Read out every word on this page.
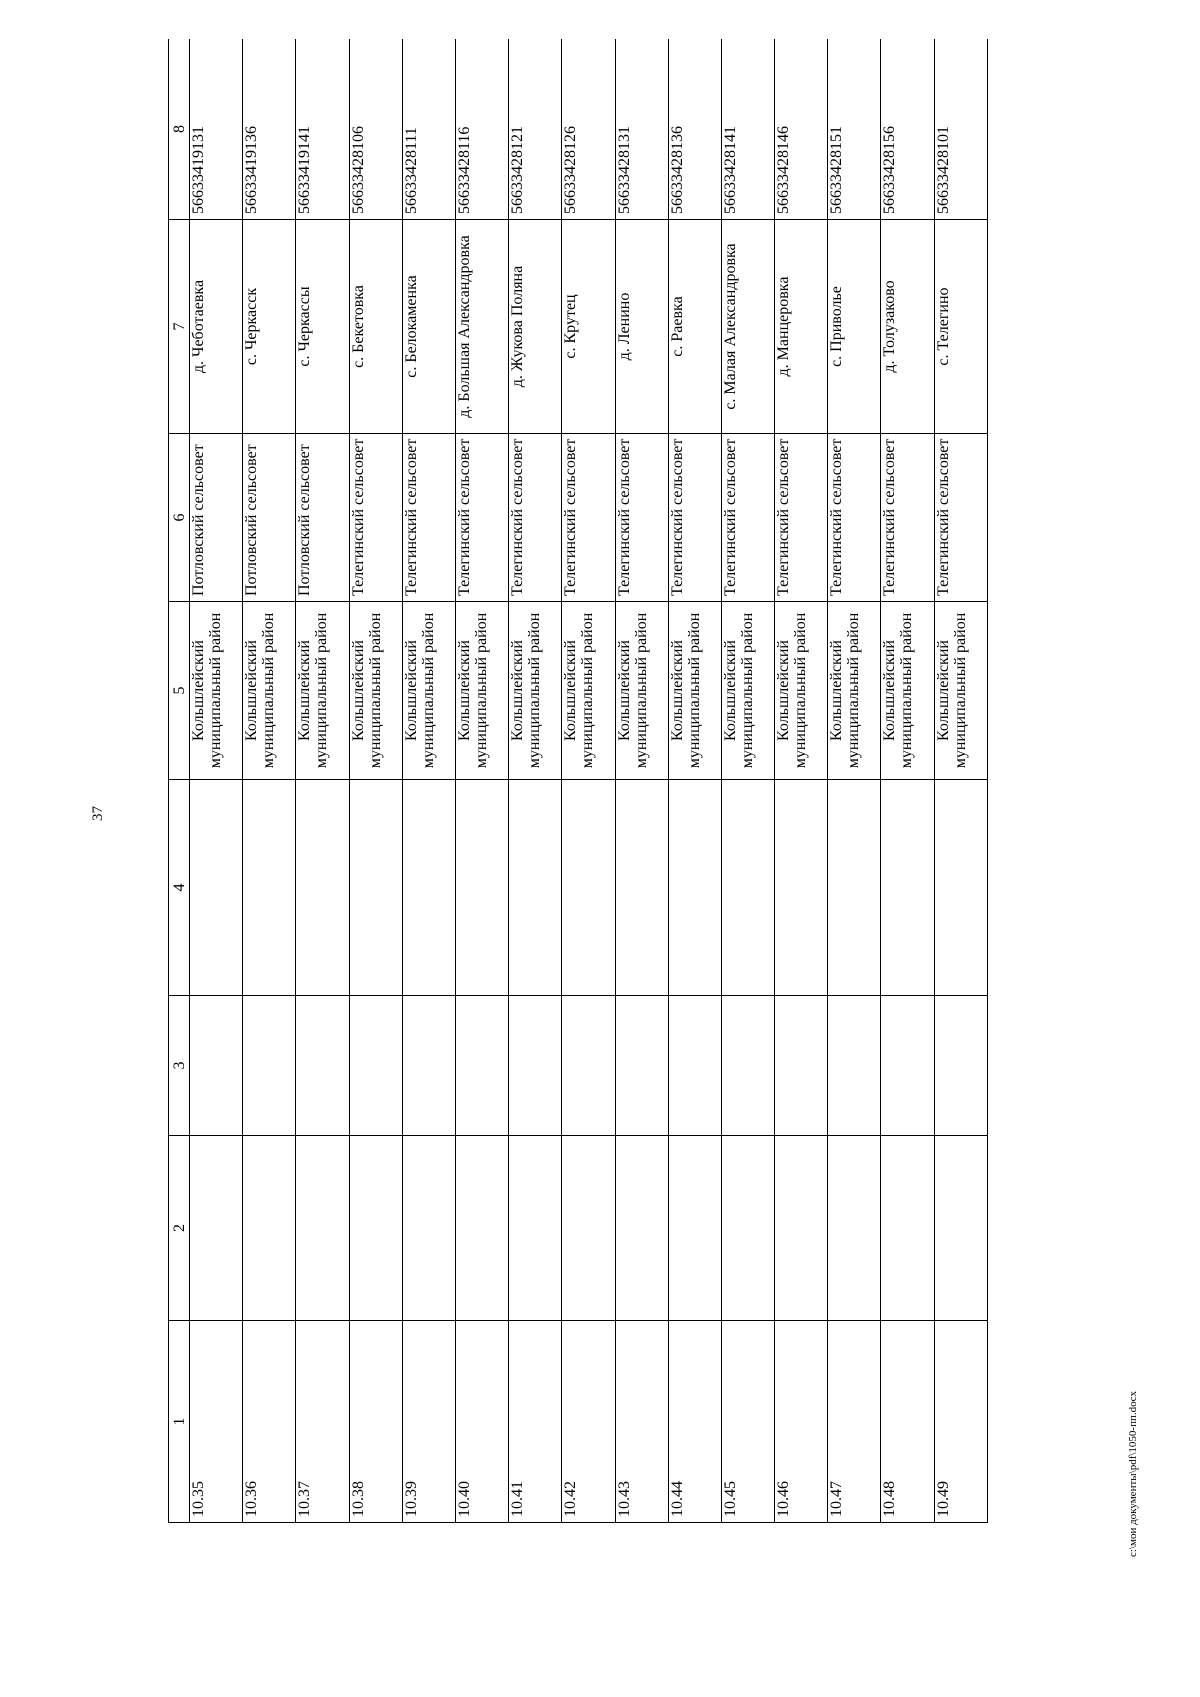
37
c:\мои документы\pdf\1050-пп.docx
1	2	3	4	5	6	7	8
10.35				Кольшлейский муниципальный район	Потловский сельсовет	д. Чеботаевка	56633419131
10.36				Кольшлейский муниципальный район	Потловский сельсовет	с. Черкасск	56633419136
10.37				Кольшлейский муниципальный район	Потловский сельсовет	с. Черкассы	56633419141
10.38				Кольшлейский муниципальный район	Телегинский сельсовет	с. Бекетовка	56633428106
10.39				Кольшлейский муниципальный район	Телегинский сельсовет	с. Белокаменка	56633428111
10.40				Кольшлейский муниципальный район	Телегинский сельсовет	д. Большая Александровка	56633428116
10.41				Кольшлейский муниципальный район	Телегинский сельсовет	д. Жукова Поляна	56633428121
10.42				Кольшлейский муниципальный район	Телегинский сельсовет	с. Крутец	56633428126
10.43				Кольшлейский муниципальный район	Телегинский сельсовет	д. Ленино	56633428131
10.44				Кольшлейский муниципальный район	Телегинский сельсовет	с. Раевка	56633428136
10.45				Кольшлейский муниципальный район	Телегинский сельсовет	с. Малая Александровка	56633428141
10.46				Кольшлейский муниципальный район	Телегинский сельсовет	д. Манцеровка	56633428146
10.47				Кольшлейский муниципальный район	Телегинский сельсовет	с. Приволье	56633428151
10.48				Кольшлейский муниципальный район	Телегинский сельсовет	д. Толузаково	56633428156
10.49				Кольшлейский муниципальный район	Телегинский сельсовет	с. Телегино	56633428101
